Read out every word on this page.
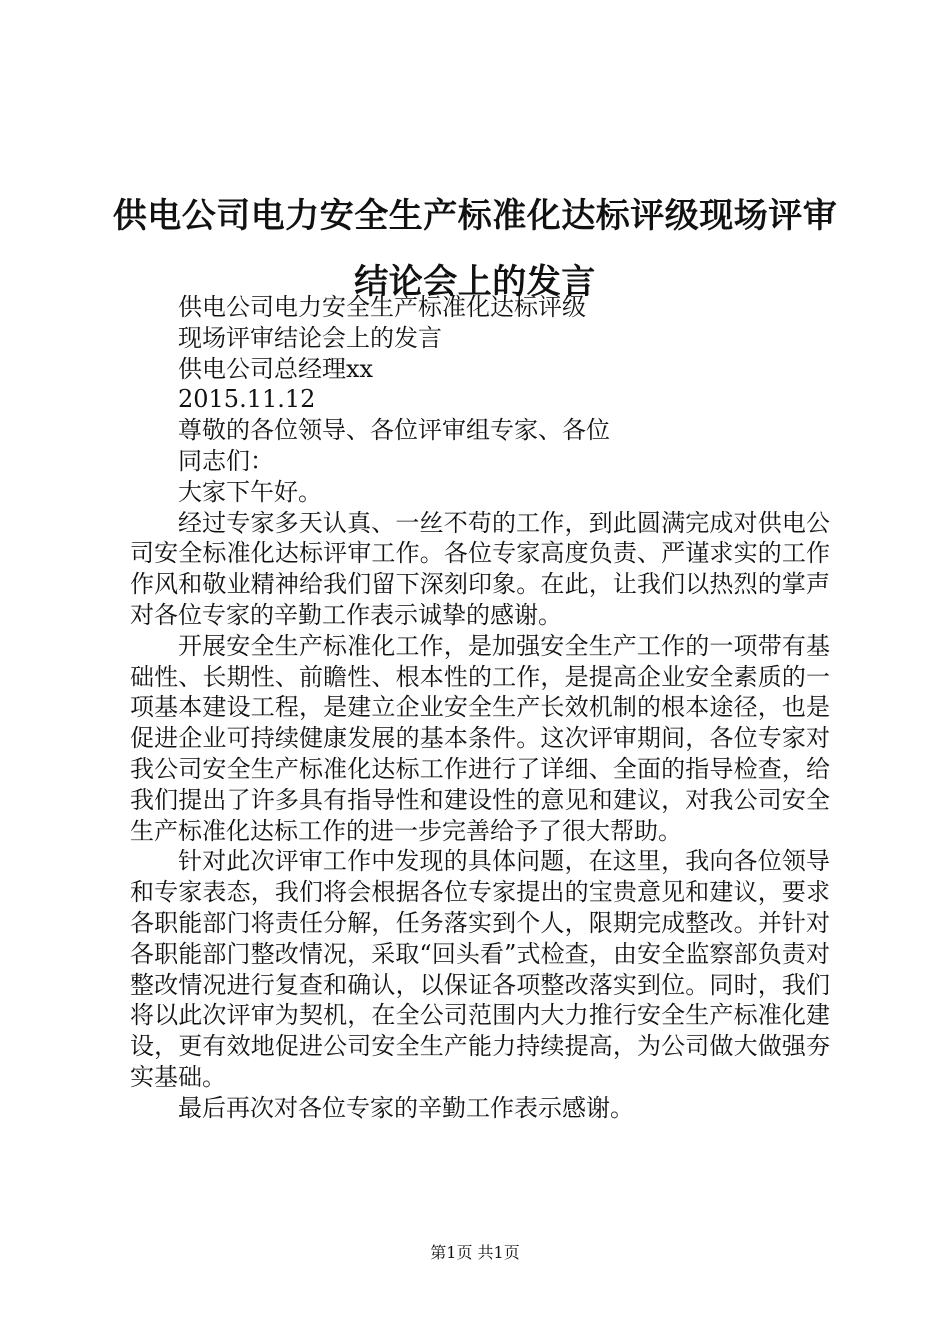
供电公司电力安全生产标准化达标评级现场评审结论会上的发言

供电公司电力安全生产标准化达标评级

现场评审结论会上的发言

供电公司总经理xx

2015.11.12

尊敬的各位领导、各位评审组专家、各位

同志们：

大家下午好。

经过专家多天认真、一丝不苟的工作，到此圆满完成对供电公司安全标准化达标评审工作。各位专家高度负责、严谨求实的工作作风和敬业精神给我们留下深刻印象。在此，让我们以热烈的掌声对各位专家的辛勤工作表示诚挚的感谢。

开展安全生产标准化工作，是加强安全生产工作的一项带有基础性、长期性、前瞻性、根本性的工作，是提高企业安全素质的一项基本建设工程，是建立企业安全生产长效机制的根本途径，也是促进企业可持续健康发展的基本条件。这次评审期间，各位专家对我公司安全生产标准化达标工作进行了详细、全面的指导检查，给我们提出了许多具有指导性和建设性的意见和建议，对我公司安全生产标准化达标工作的进一步完善给予了很大帮助。

针对此次评审工作中发现的具体问题，在这里，我向各位领导和专家表态，我们将会根据各位专家提出的宝贵意见和建议，要求各职能部门将责任分解，任务落实到个人，限期完成整改。并针对各职能部门整改情况，采取“回头看”式检查，由安全监察部负责对整改情况进行复查和确认，以保证各项整改落实到位。同时，我们将以此次评审为契机，在全公司范围内大力推行安全生产标准化建设，更有效地促进公司安全生产能力持续提高，为公司做大做强夯实基础。

最后再次对各位专家的辛勤工作表示感谢。

第1页 共1页
